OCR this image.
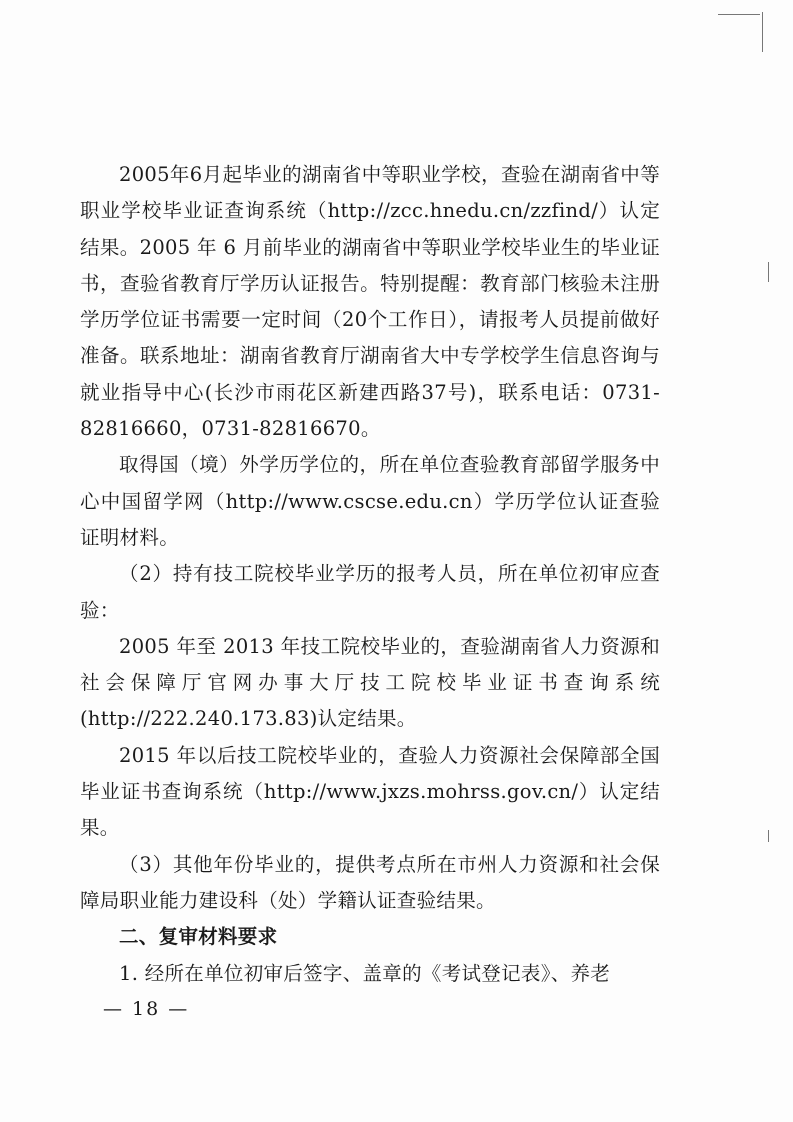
2005年6月起毕业的湖南省中等职业学校，查验在湖南省中等职业学校毕业证查询系统（http://zcc.hnedu.cn/zzfind/）认定结果。2005 年 6 月前毕业的湖南省中等职业学校毕业生的毕业证书，查验省教育厅学历认证报告。特别提醒：教育部门核验未注册学历学位证书需要一定时间（20个工作日），请报考人员提前做好准备。联系地址：湖南省教育厅湖南省大中专学校学生信息咨询与就业指导中心(长沙市雨花区新建西路37号)，联系电话：0731-82816660，0731-82816670。

取得国（境）外学历学位的，所在单位查验教育部留学服务中心中国留学网（http://www.cscse.edu.cn）学历学位认证查验证明材料。

（2）持有技工院校毕业学历的报考人员，所在单位初审应查验：

2005 年至 2013 年技工院校毕业的，查验湖南省人力资源和社会保障厅官网办事大厅技工院校毕业证书查询系统(http://222.240.173.83)认定结果。

2015 年以后技工院校毕业的，查验人力资源社会保障部全国毕业证书查询系统（http://www.jxzs.mohrss.gov.cn/）认定结果。

（3）其他年份毕业的，提供考点所在市州人力资源和社会保障局职业能力建设科（处）学籍认证查验结果。

二、复审材料要求

1. 经所在单位初审后签字、盖章的《考试登记表》、养老

— 18 —
